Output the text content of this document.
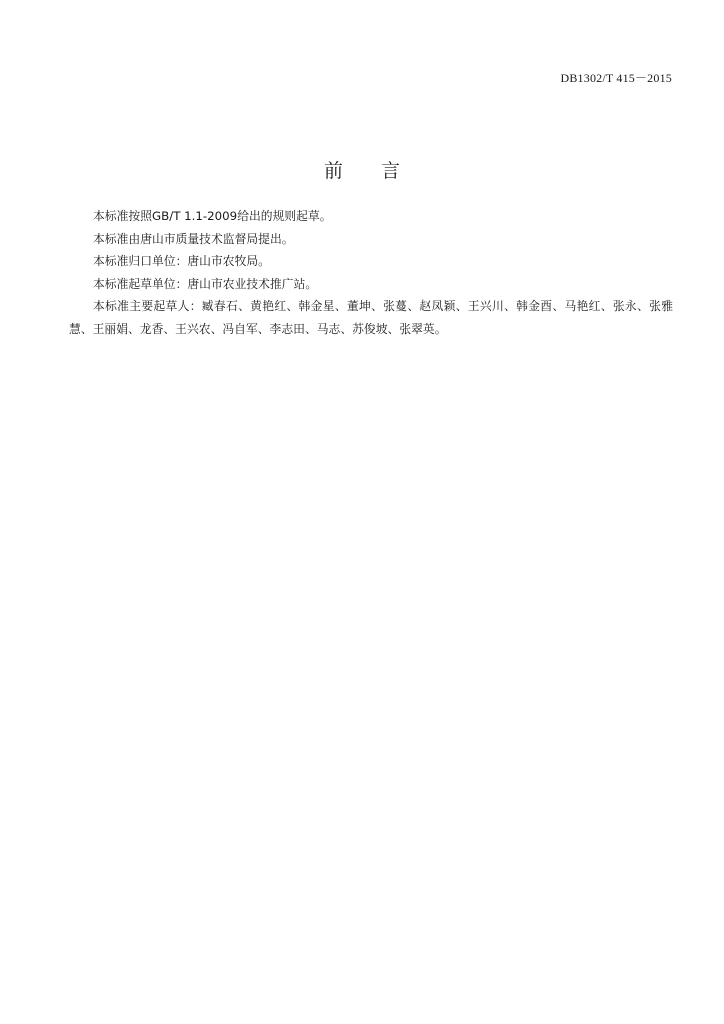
DB1302/T 415－2015
前言

本标准按照GB/T 1.1-2009给出的规则起草。

本标准由唐山市质量技术监督局提出。

本标准归口单位：唐山市农牧局。

本标准起草单位：唐山市农业技术推广站。

本标准主要起草人：臧春石、黄艳红、韩金星、董坤、张蔓、赵凤颖、王兴川、韩金酉、马艳红、张永、张雅慧、王丽娟、龙香、王兴农、冯自军、李志田、马志、苏俊坡、张翠英。
